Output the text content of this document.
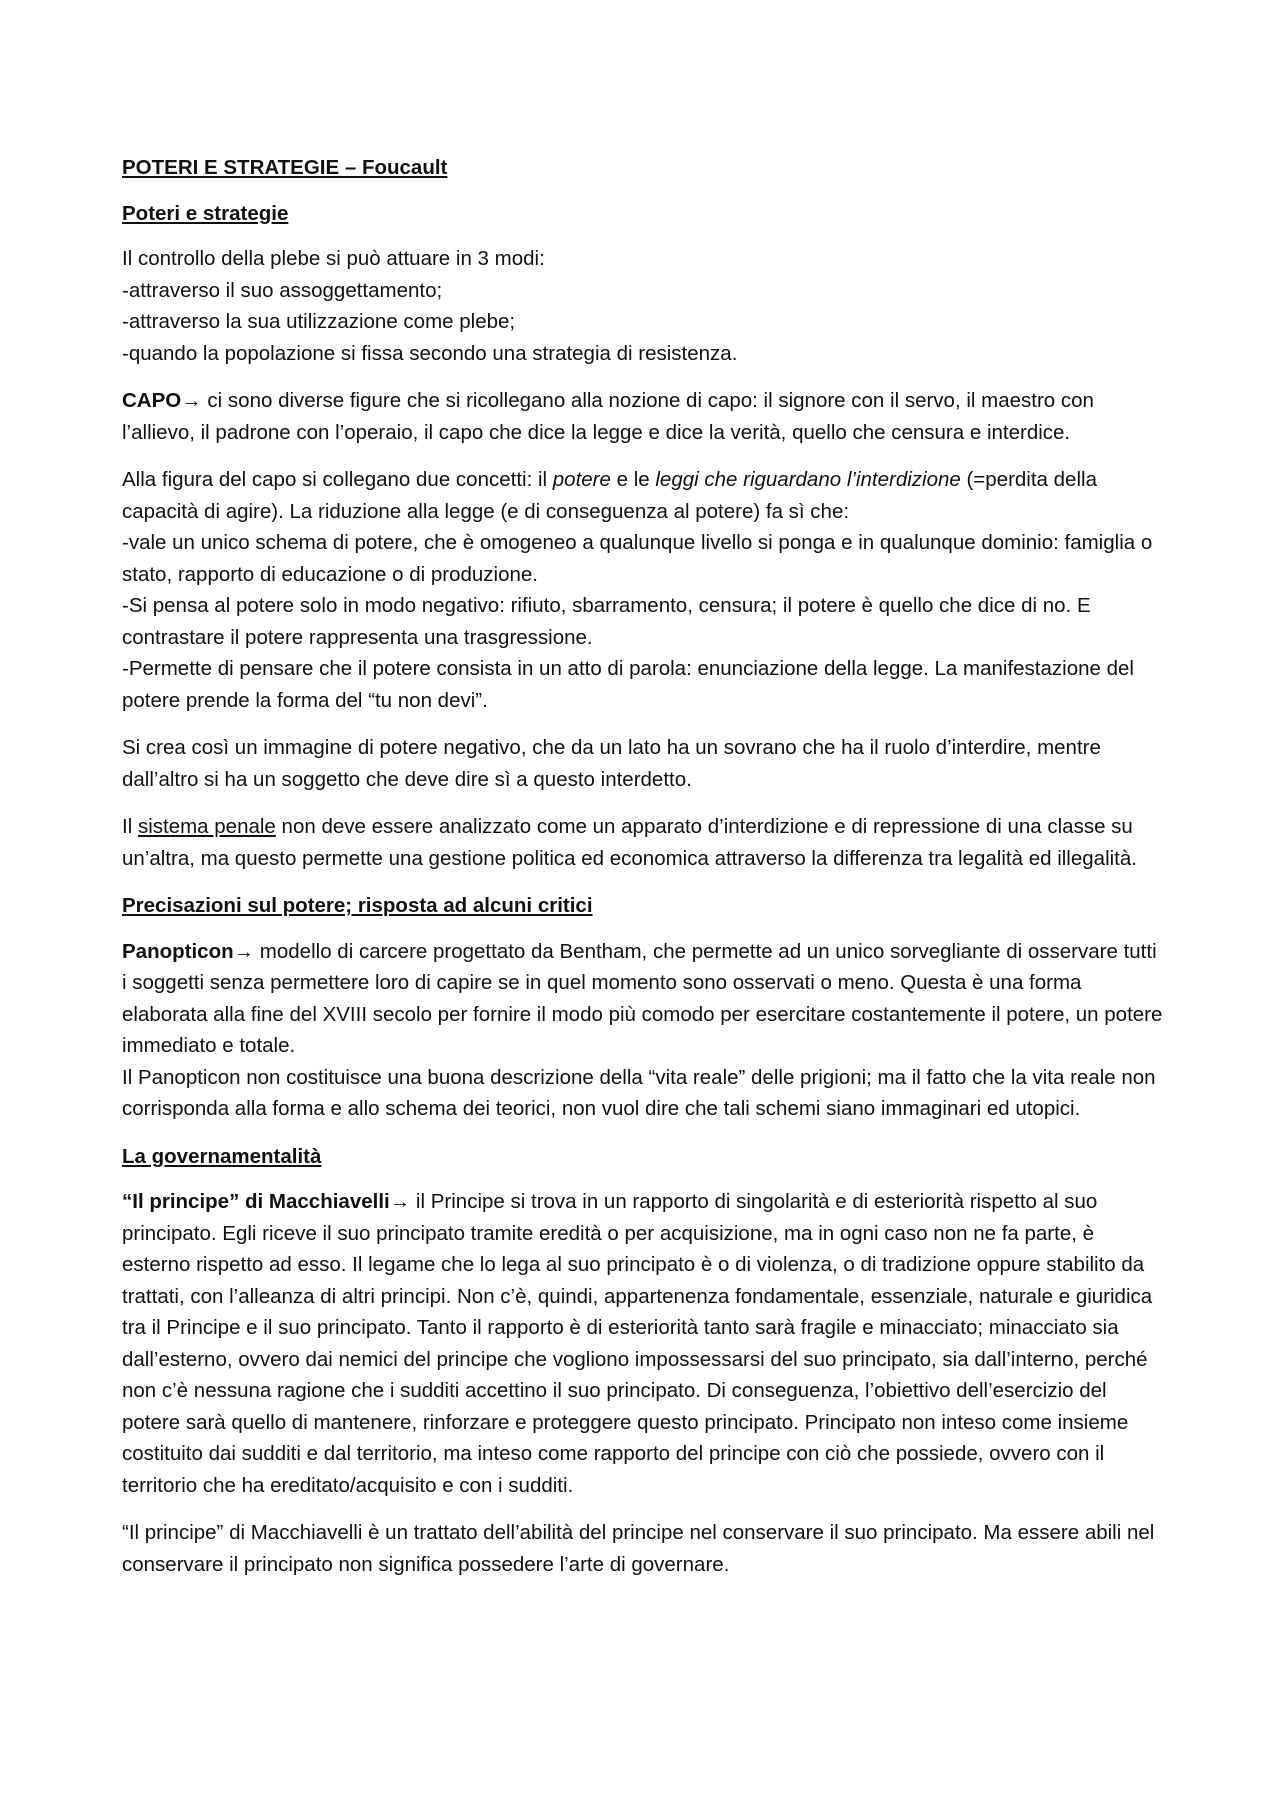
POTERI E STRATEGIE – Foucault

Poteri e strategie

Il controllo della plebe si può attuare in 3 modi:
-attraverso il suo assoggettamento;
-attraverso la sua utilizzazione come plebe;
-quando la popolazione si fissa secondo una strategia di resistenza.

CAPO→ ci sono diverse figure che si ricollegano alla nozione di capo: il signore con il servo, il maestro con l’allievo, il padrone con l’operaio, il capo che dice la legge e dice la verità, quello che censura e interdice.

Alla figura del capo si collegano due concetti: il potere e le leggi che riguardano l’interdizione (=perdita della capacità di agire). La riduzione alla legge (e di conseguenza al potere) fa sì che:
-vale un unico schema di potere, che è omogeneo a qualunque livello si ponga e in qualunque dominio: famiglia o stato, rapporto di educazione o di produzione.
-Si pensa al potere solo in modo negativo: rifiuto, sbarramento, censura; il potere è quello che dice di no. E contrastare il potere rappresenta una trasgressione.
-Permette di pensare che il potere consista in un atto di parola: enunciazione della legge. La manifestazione del potere prende la forma del “tu non devi”.

Si crea così un immagine di potere negativo, che da un lato ha un sovrano che ha il ruolo d’interdire, mentre dall’altro si ha un soggetto che deve dire sì a questo interdetto.

Il sistema penale non deve essere analizzato come un apparato d’interdizione e di repressione di una classe su un’altra, ma questo permette una gestione politica ed economica attraverso la differenza tra legalità ed illegalità.

Precisazioni sul potere; risposta ad alcuni critici

Panopticon→ modello di carcere progettato da Bentham, che permette ad un unico sorvegliante di osservare tutti i soggetti senza permettere loro di capire se in quel momento sono osservati o meno. Questa è una forma elaborata alla fine del XVIII secolo per fornire il modo più comodo per esercitare costantemente il potere, un potere immediato e totale.
Il Panopticon non costituisce una buona descrizione della “vita reale” delle prigioni; ma il fatto che la vita reale non corrisponda alla forma e allo schema dei teorici, non vuol dire che tali schemi siano immaginari ed utopici.

La governamentalità

“Il principe” di Macchiavelli→ il Principe si trova in un rapporto di singolarità e di esteriorità rispetto al suo principato. Egli riceve il suo principato tramite eredità o per acquisizione, ma in ogni caso non ne fa parte, è esterno rispetto ad esso. Il legame che lo lega al suo principato è o di violenza, o di tradizione oppure stabilito da trattati, con l’alleanza di altri principi. Non c’è, quindi, appartenenza fondamentale, essenziale, naturale e giuridica tra il Principe e il suo principato. Tanto il rapporto è di esteriorità tanto sarà fragile e minacciato; minacciato sia dall’esterno, ovvero dai nemici del principe che vogliono impossessarsi del suo principato, sia dall’interno, perché non c’è nessuna ragione che i sudditi accettino il suo principato. Di conseguenza, l’obiettivo dell’esercizio del potere sarà quello di mantenere, rinforzare e proteggere questo principato. Principato non inteso come insieme costituito dai sudditi e dal territorio, ma inteso come rapporto del principe con ciò che possiede, ovvero con il territorio che ha ereditato/acquisito e con i sudditi.

“Il principe” di Macchiavelli è un trattato dell’abilità del principe nel conservare il suo principato. Ma essere abili nel conservare il principato non significa possedere l’arte di governare.
